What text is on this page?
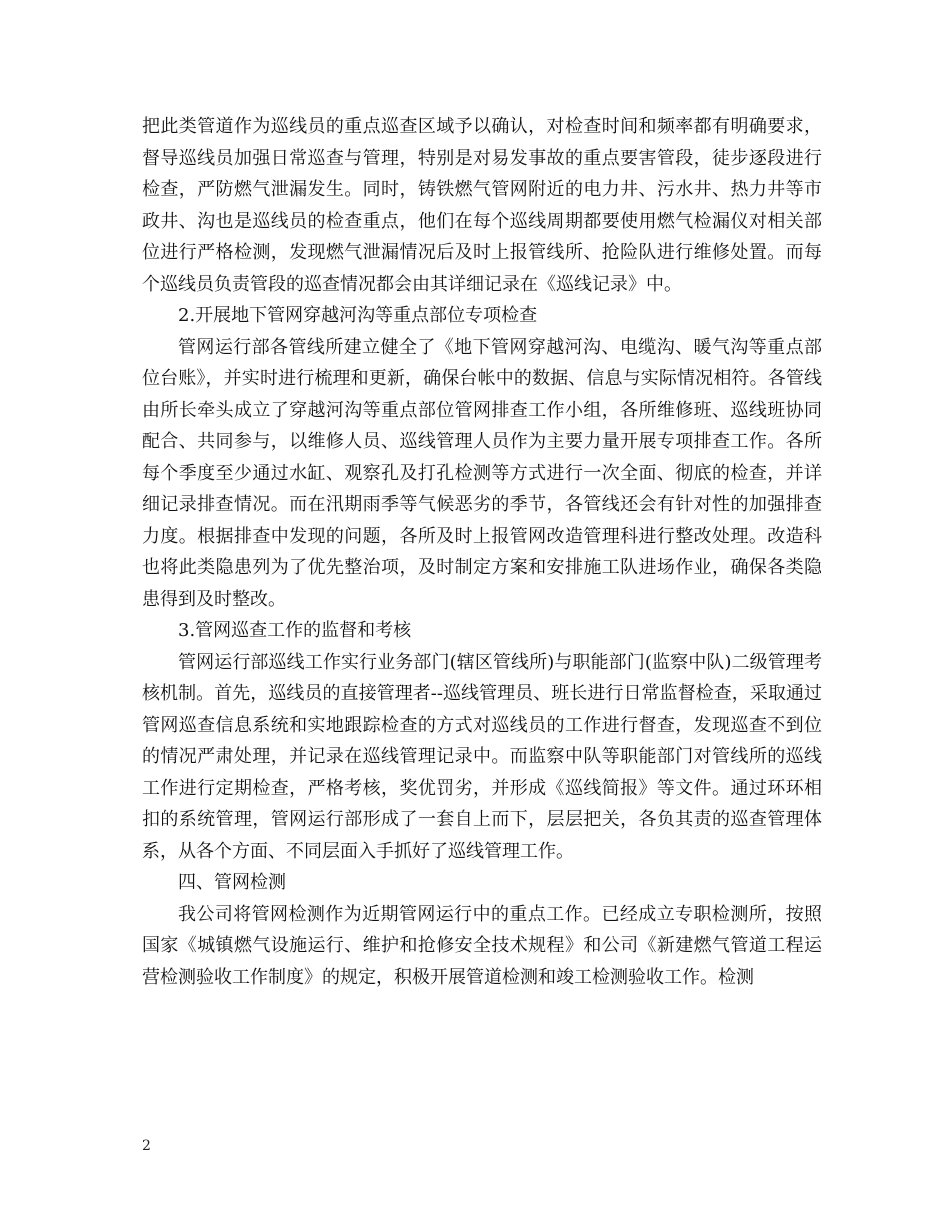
把此类管道作为巡线员的重点巡查区域予以确认，对检查时间和频率都有明确要求，督导巡线员加强日常巡查与管理，特别是对易发事故的重点要害管段，徒步逐段进行检查，严防燃气泄漏发生。同时，铸铁燃气管网附近的电力井、污水井、热力井等市政井、沟也是巡线员的检查重点，他们在每个巡线周期都要使用燃气检漏仪对相关部位进行严格检测，发现燃气泄漏情况后及时上报管线所、抢险队进行维修处置。而每个巡线员负责管段的巡查情况都会由其详细记录在《巡线记录》中。

2.开展地下管网穿越河沟等重点部位专项检查

管网运行部各管线所建立健全了《地下管网穿越河沟、电缆沟、暖气沟等重点部位台账》，并实时进行梳理和更新，确保台帐中的数据、信息与实际情况相符。各管线由所长牵头成立了穿越河沟等重点部位管网排查工作小组，各所维修班、巡线班协同配合、共同参与，以维修人员、巡线管理人员作为主要力量开展专项排查工作。各所每个季度至少通过水缸、观察孔及打孔检测等方式进行一次全面、彻底的检查，并详细记录排查情况。而在汛期雨季等气候恶劣的季节，各管线还会有针对性的加强排查力度。根据排查中发现的问题，各所及时上报管网改造管理科进行整改处理。改造科也将此类隐患列为了优先整治项，及时制定方案和安排施工队进场作业，确保各类隐患得到及时整改。

3.管网巡查工作的监督和考核

管网运行部巡线工作实行业务部门(辖区管线所)与职能部门(监察中队)二级管理考核机制。首先，巡线员的直接管理者--巡线管理员、班长进行日常监督检查，采取通过管网巡查信息系统和实地跟踪检查的方式对巡线员的工作进行督查，发现巡查不到位的情况严肃处理，并记录在巡线管理记录中。而监察中队等职能部门对管线所的巡线工作进行定期检查，严格考核，奖优罚劣，并形成《巡线简报》等文件。通过环环相扣的系统管理，管网运行部形成了一套自上而下，层层把关，各负其责的巡查管理体系，从各个方面、不同层面入手抓好了巡线管理工作。

四、管网检测

我公司将管网检测作为近期管网运行中的重点工作。已经成立专职检测所，按照国家《城镇燃气设施运行、维护和抢修安全技术规程》和公司《新建燃气管道工程运营检测验收工作制度》的规定，积极开展管道检测和竣工检测验收工作。检测

2
